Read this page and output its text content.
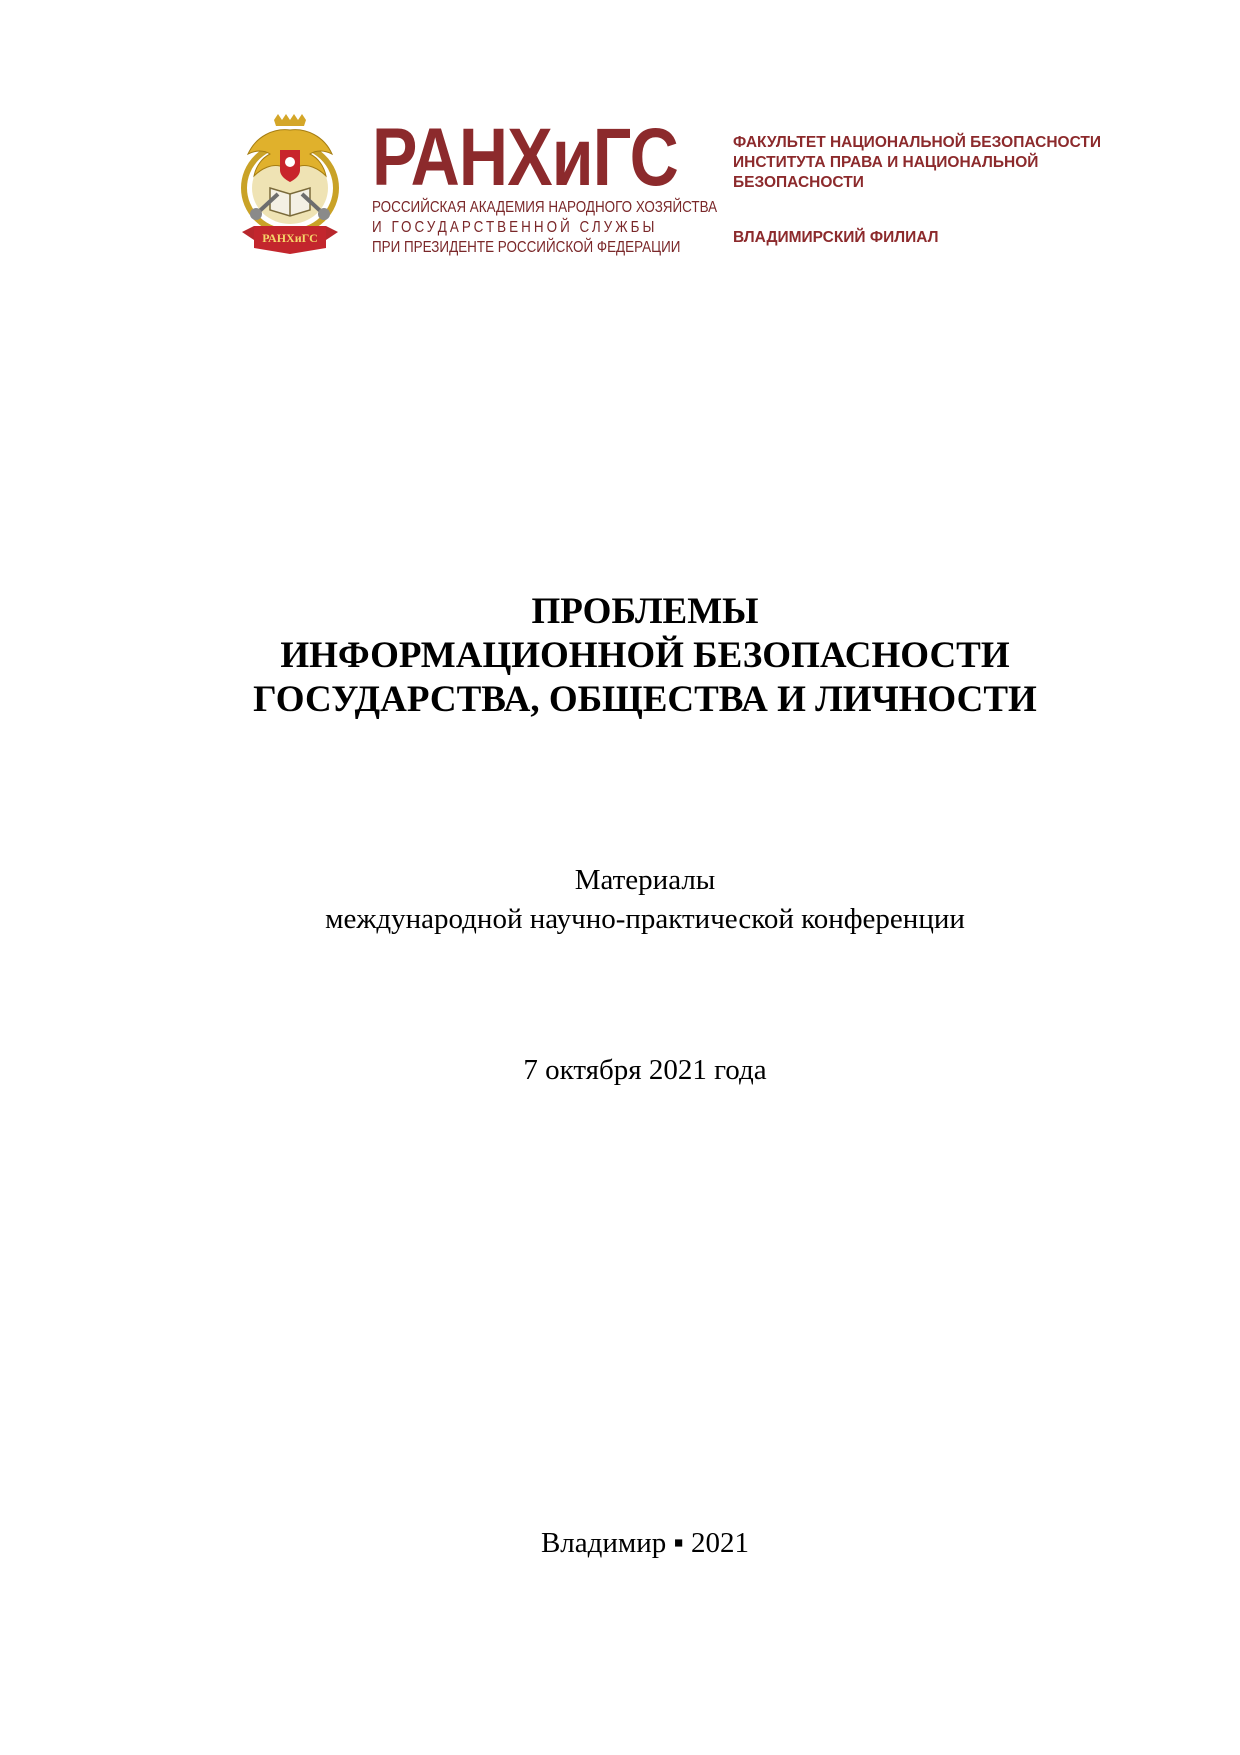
РАНХиГС
РАНХиГС
РОССИЙСКАЯ АКАДЕМИЯ НАРОДНОГО ХОЗЯЙСТВА
И ГОСУДАРСТВЕННОЙ СЛУЖБЫ
ПРИ ПРЕЗИДЕНТЕ РОССИЙСКОЙ ФЕДЕРАЦИИ
ФАКУЛЬТЕТ НАЦИОНАЛЬНОЙ БЕЗОПАСНОСТИ
ИНСТИТУТА ПРАВА И НАЦИОНАЛЬНОЙ
БЕЗОПАСНОСТИ
ВЛАДИМИРСКИЙ ФИЛИАЛ
ПРОБЛЕМЫ
ИНФОРМАЦИОННОЙ БЕЗОПАСНОСТИ
ГОСУДАРСТВА, ОБЩЕСТВА И ЛИЧНОСТИ
Материалы
международной научно-практической конференции
7 октября 2021 года
Владимир ▪ 2021
